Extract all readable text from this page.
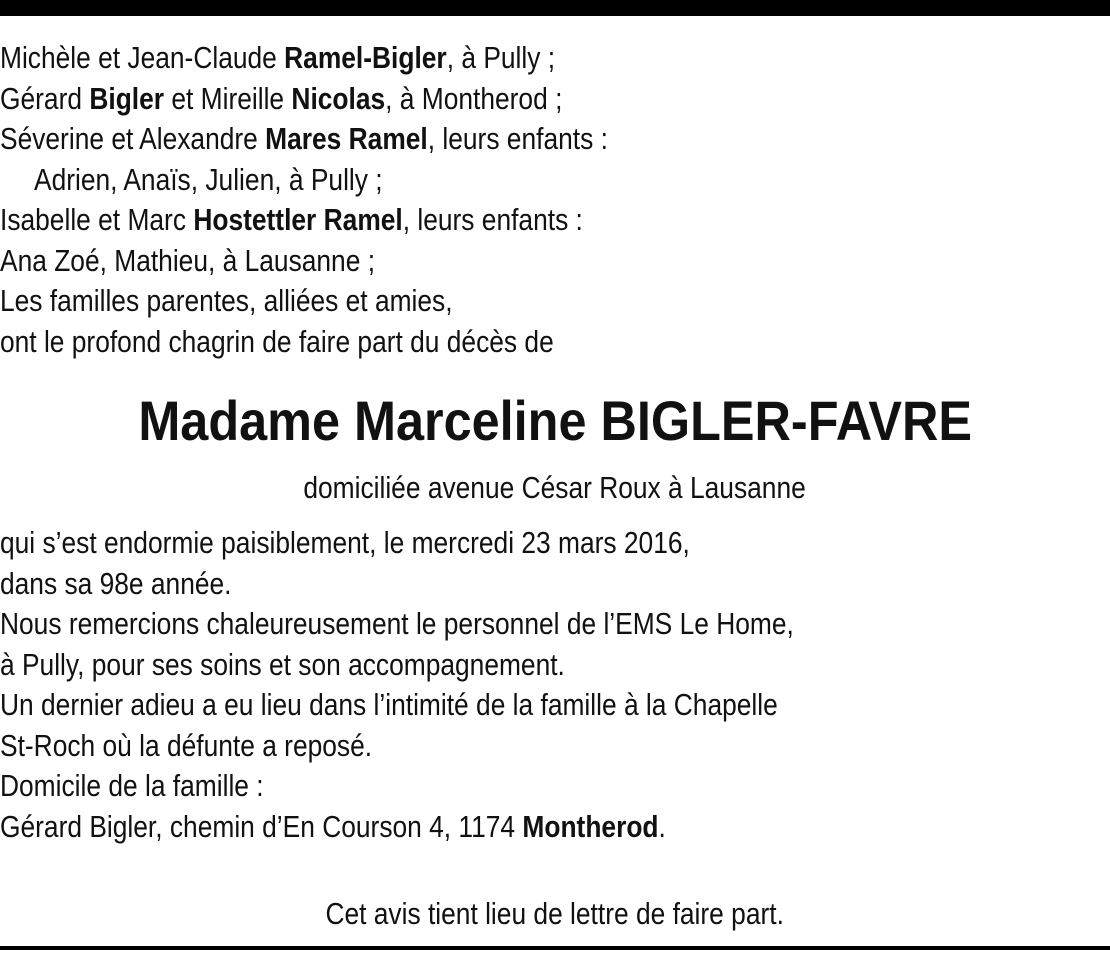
Michèle et Jean-Claude Ramel-Bigler, à Pully ;
Gérard Bigler et Mireille Nicolas, à Montherod ;
Séverine et Alexandre Mares Ramel, leurs enfants :
Adrien, Anaïs, Julien, à Pully ;
Isabelle et Marc Hostettler Ramel, leurs enfants :
Ana Zoé, Mathieu, à Lausanne ;
Les familles parentes, alliées et amies,
ont le profond chagrin de faire part du décès de
Madame Marceline BIGLER-FAVRE
domiciliée avenue César Roux à Lausanne
qui s’est endormie paisiblement, le mercredi 23 mars 2016,
dans sa 98e année.
Nous remercions chaleureusement le personnel de l’EMS Le Home,
à Pully, pour ses soins et son accompagnement.
Un dernier adieu a eu lieu dans l’intimité de la famille à la Chapelle
St-Roch où la défunte a reposé.
Domicile de la famille :
Gérard Bigler, chemin d’En Courson 4, 1174 Montherod.
Cet avis tient lieu de lettre de faire part.
